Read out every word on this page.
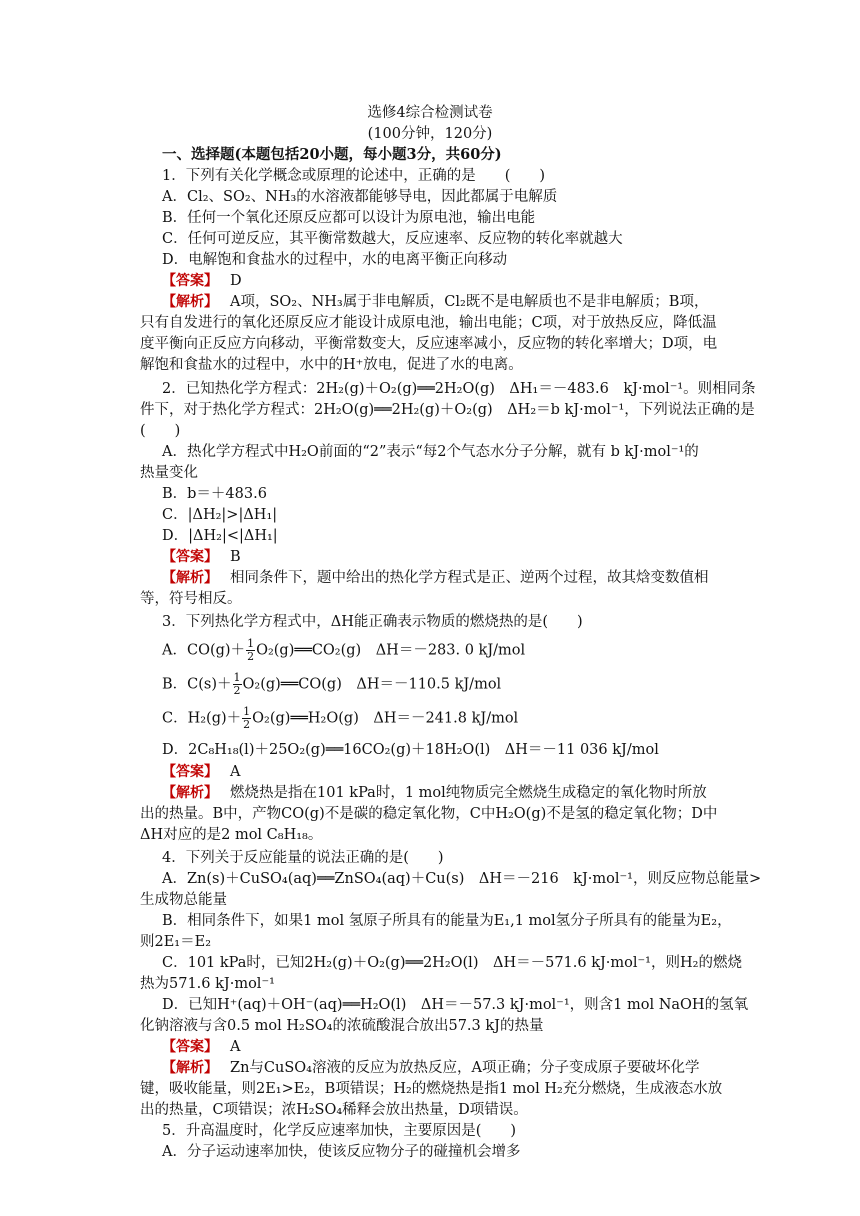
选修4综合检测试卷
(100分钟，120分)
一、选择题(本题包括20小题，每小题3分，共60分)
1．下列有关化学概念或原理的论述中，正确的是　　(　　)
A．Cl₂、SO₂、NH₃的水溶液都能够导电，因此都属于电解质
B．任何一个氧化还原反应都可以设计为原电池，输出电能
C．任何可逆反应，其平衡常数越大，反应速率、反应物的转化率就越大
D．电解饱和食盐水的过程中，水的电离平衡正向移动
【答案】 D
【解析】 A项，SO₂、NH₃属于非电解质，Cl₂既不是电解质也不是非电解质；B项，
只有自发进行的氧化还原反应才能设计成原电池，输出电能；C项，对于放热反应，降低温
度平衡向正反应方向移动，平衡常数变大，反应速率减小，反应物的转化率增大；D项，电
解饱和食盐水的过程中，水中的H⁺放电，促进了水的电离。
2．已知热化学方程式：2H₂(g)＋O₂(g)══2H₂O(g)　ΔH₁＝－483.6　kJ·mol⁻¹。则相同条
件下，对于热化学方程式：2H₂O(g)══2H₂(g)＋O₂(g)　ΔH₂＝b kJ·mol⁻¹，下列说法正确的是
(　　)
A．热化学方程式中H₂O前面的“2”表示“每2个气态水分子分解，就有 b kJ·mol⁻¹的
热量变化
B．b＝＋483.6
C．|ΔH₂|>|ΔH₁|
D．|ΔH₂|<|ΔH₁|
【答案】 B
【解析】 相同条件下，题中给出的热化学方程式是正、逆两个过程，故其焓变数值相
等，符号相反。
3．下列热化学方程式中，ΔH能正确表示物质的燃烧热的是(　　)
A．$CO(g)+ \frac{1}{2}$ O₂(g)══CO₂(g)　ΔH＝－283. 0 kJ/mol
B．$C(s)+ \frac{1}{2}$ O₂(g)══CO(g)　ΔH＝－110.5 kJ/mol
C．$H_2(g)+ \frac{1}{2}$ O₂(g)══H₂O(g)　ΔH＝－241.8 kJ/mol
D．2C₈H₁₈(l)＋25O₂(g)══16CO₂(g)＋18H₂O(l)　ΔH＝－11 036 kJ/mol
【答案】 A
【解析】 燃烧热是指在101 kPa时，1 mol纯物质完全燃烧生成稳定的氧化物时所放
出的热量。B中，产物CO(g)不是碳的稳定氧化物，C中H₂O(g)不是氢的稳定氧化物；D中
ΔH对应的是2 mol C₈H₁₈。
4．下列关于反应能量的说法正确的是(　　)
A．Zn(s)＋CuSO₄(aq)══ZnSO₄(aq)＋Cu(s)　ΔH＝－216　kJ·mol⁻¹，则反应物总能量>
生成物总能量
B．相同条件下，如果1 mol 氢原子所具有的能量为E₁,1 mol氢分子所具有的能量为E₂，
则2E₁＝E₂
C．101 kPa时，已知2H₂(g)＋O₂(g)══2H₂O(l)　ΔH＝－571.6 kJ·mol⁻¹，则H₂的燃烧
热为571.6 kJ·mol⁻¹
D．已知H⁺(aq)＋OH⁻(aq)══H₂O(l)　ΔH＝－57.3 kJ·mol⁻¹，则含1 mol NaOH的氢氧
化钠溶液与含0.5 mol H₂SO₄的浓硫酸混合放出57.3 kJ的热量
【答案】 A
【解析】 Zn与CuSO₄溶液的反应为放热反应，A项正确；分子变成原子要破坏化学
键，吸收能量，则2E₁>E₂，B项错误；H₂的燃烧热是指1 mol H₂充分燃烧，生成液态水放
出的热量，C项错误；浓H₂SO₄稀释会放出热量，D项错误。
5．升高温度时，化学反应速率加快，主要原因是(　　)
A．分子运动速率加快，使该反应物分子的碰撞机会增多
